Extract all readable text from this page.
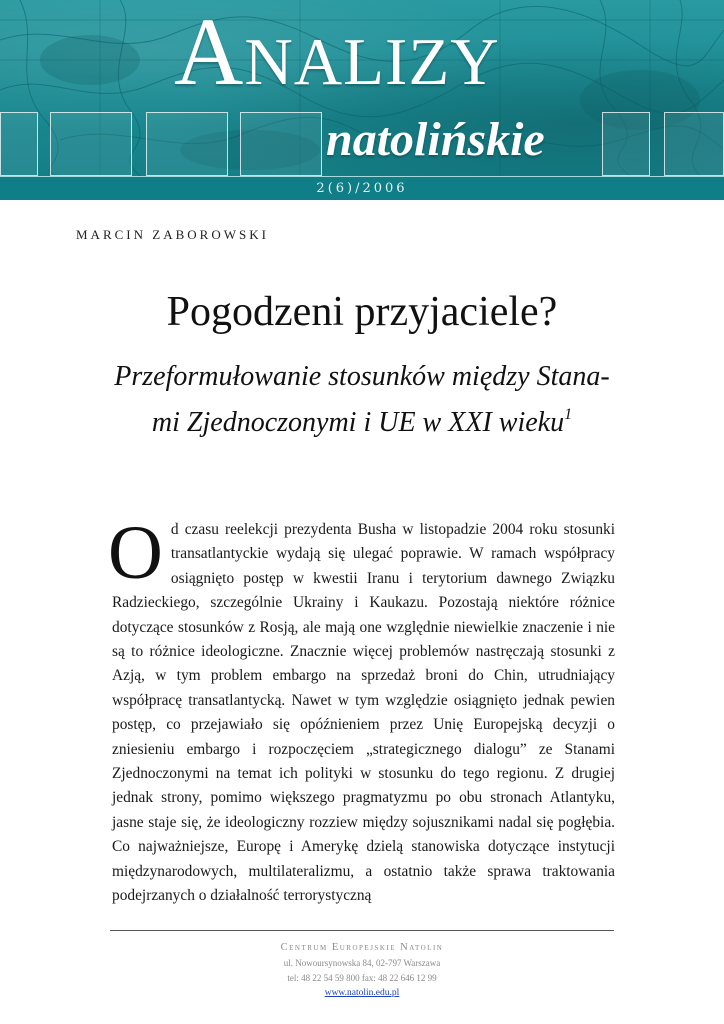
Analizy
natolińskie
2(6)/2006
MARCIN ZABOROWSKI
Pogodzeni przyjaciele?
Przeformułowanie stosunków między Stana-
mi Zjednoczonymi i UE w XXI wieku$^1$
Od czasu reelekcji prezydenta Busha w listopadzie 2004 roku stosunki transatlantyckie wydają się ulegać poprawie. W ramach współpracy osiągnięto postęp w kwestii Iranu i terytorium dawnego Związku Radzieckiego, szczególnie Ukrainy i Kaukazu. Pozostają niektóre różnice dotyczące stosunków z Rosją, ale mają one względnie niewielkie znaczenie i nie są to różnice ideologiczne. Znacznie więcej problemów nastręczają stosunki z Azją, w tym problem embargo na sprzedaż broni do Chin, utrudniający współpracę transatlantycką. Nawet w tym względzie osiągnięto jednak pewien postęp, co przejawiało się opóźnieniem przez Unię Europejską decyzji o zniesieniu embargo i rozpoczęciem „strategicznego dialogu” ze Stanami Zjednoczonymi na temat ich polityki w stosunku do tego regionu. Z drugiej jednak strony, pomimo większego pragmatyzmu po obu stronach Atlantyku, jasne staje się, że ideologiczny rozziew między sojusznikami nadal się pogłębia. Co najważniejsze, Europę i Amerykę dzielą stanowiska dotyczące instytucji międzynarodowych, multilateralizmu, a ostatnio także sprawa traktowania podejrzanych o działalność terrorystyczną
Centrum Europejskie Natolin
ul. Nowoursynowska 84, 02-797 Warszawa
tel: 48 22 54 59 800 fax: 48 22 646 12 99
www.natolin.edu.pl
